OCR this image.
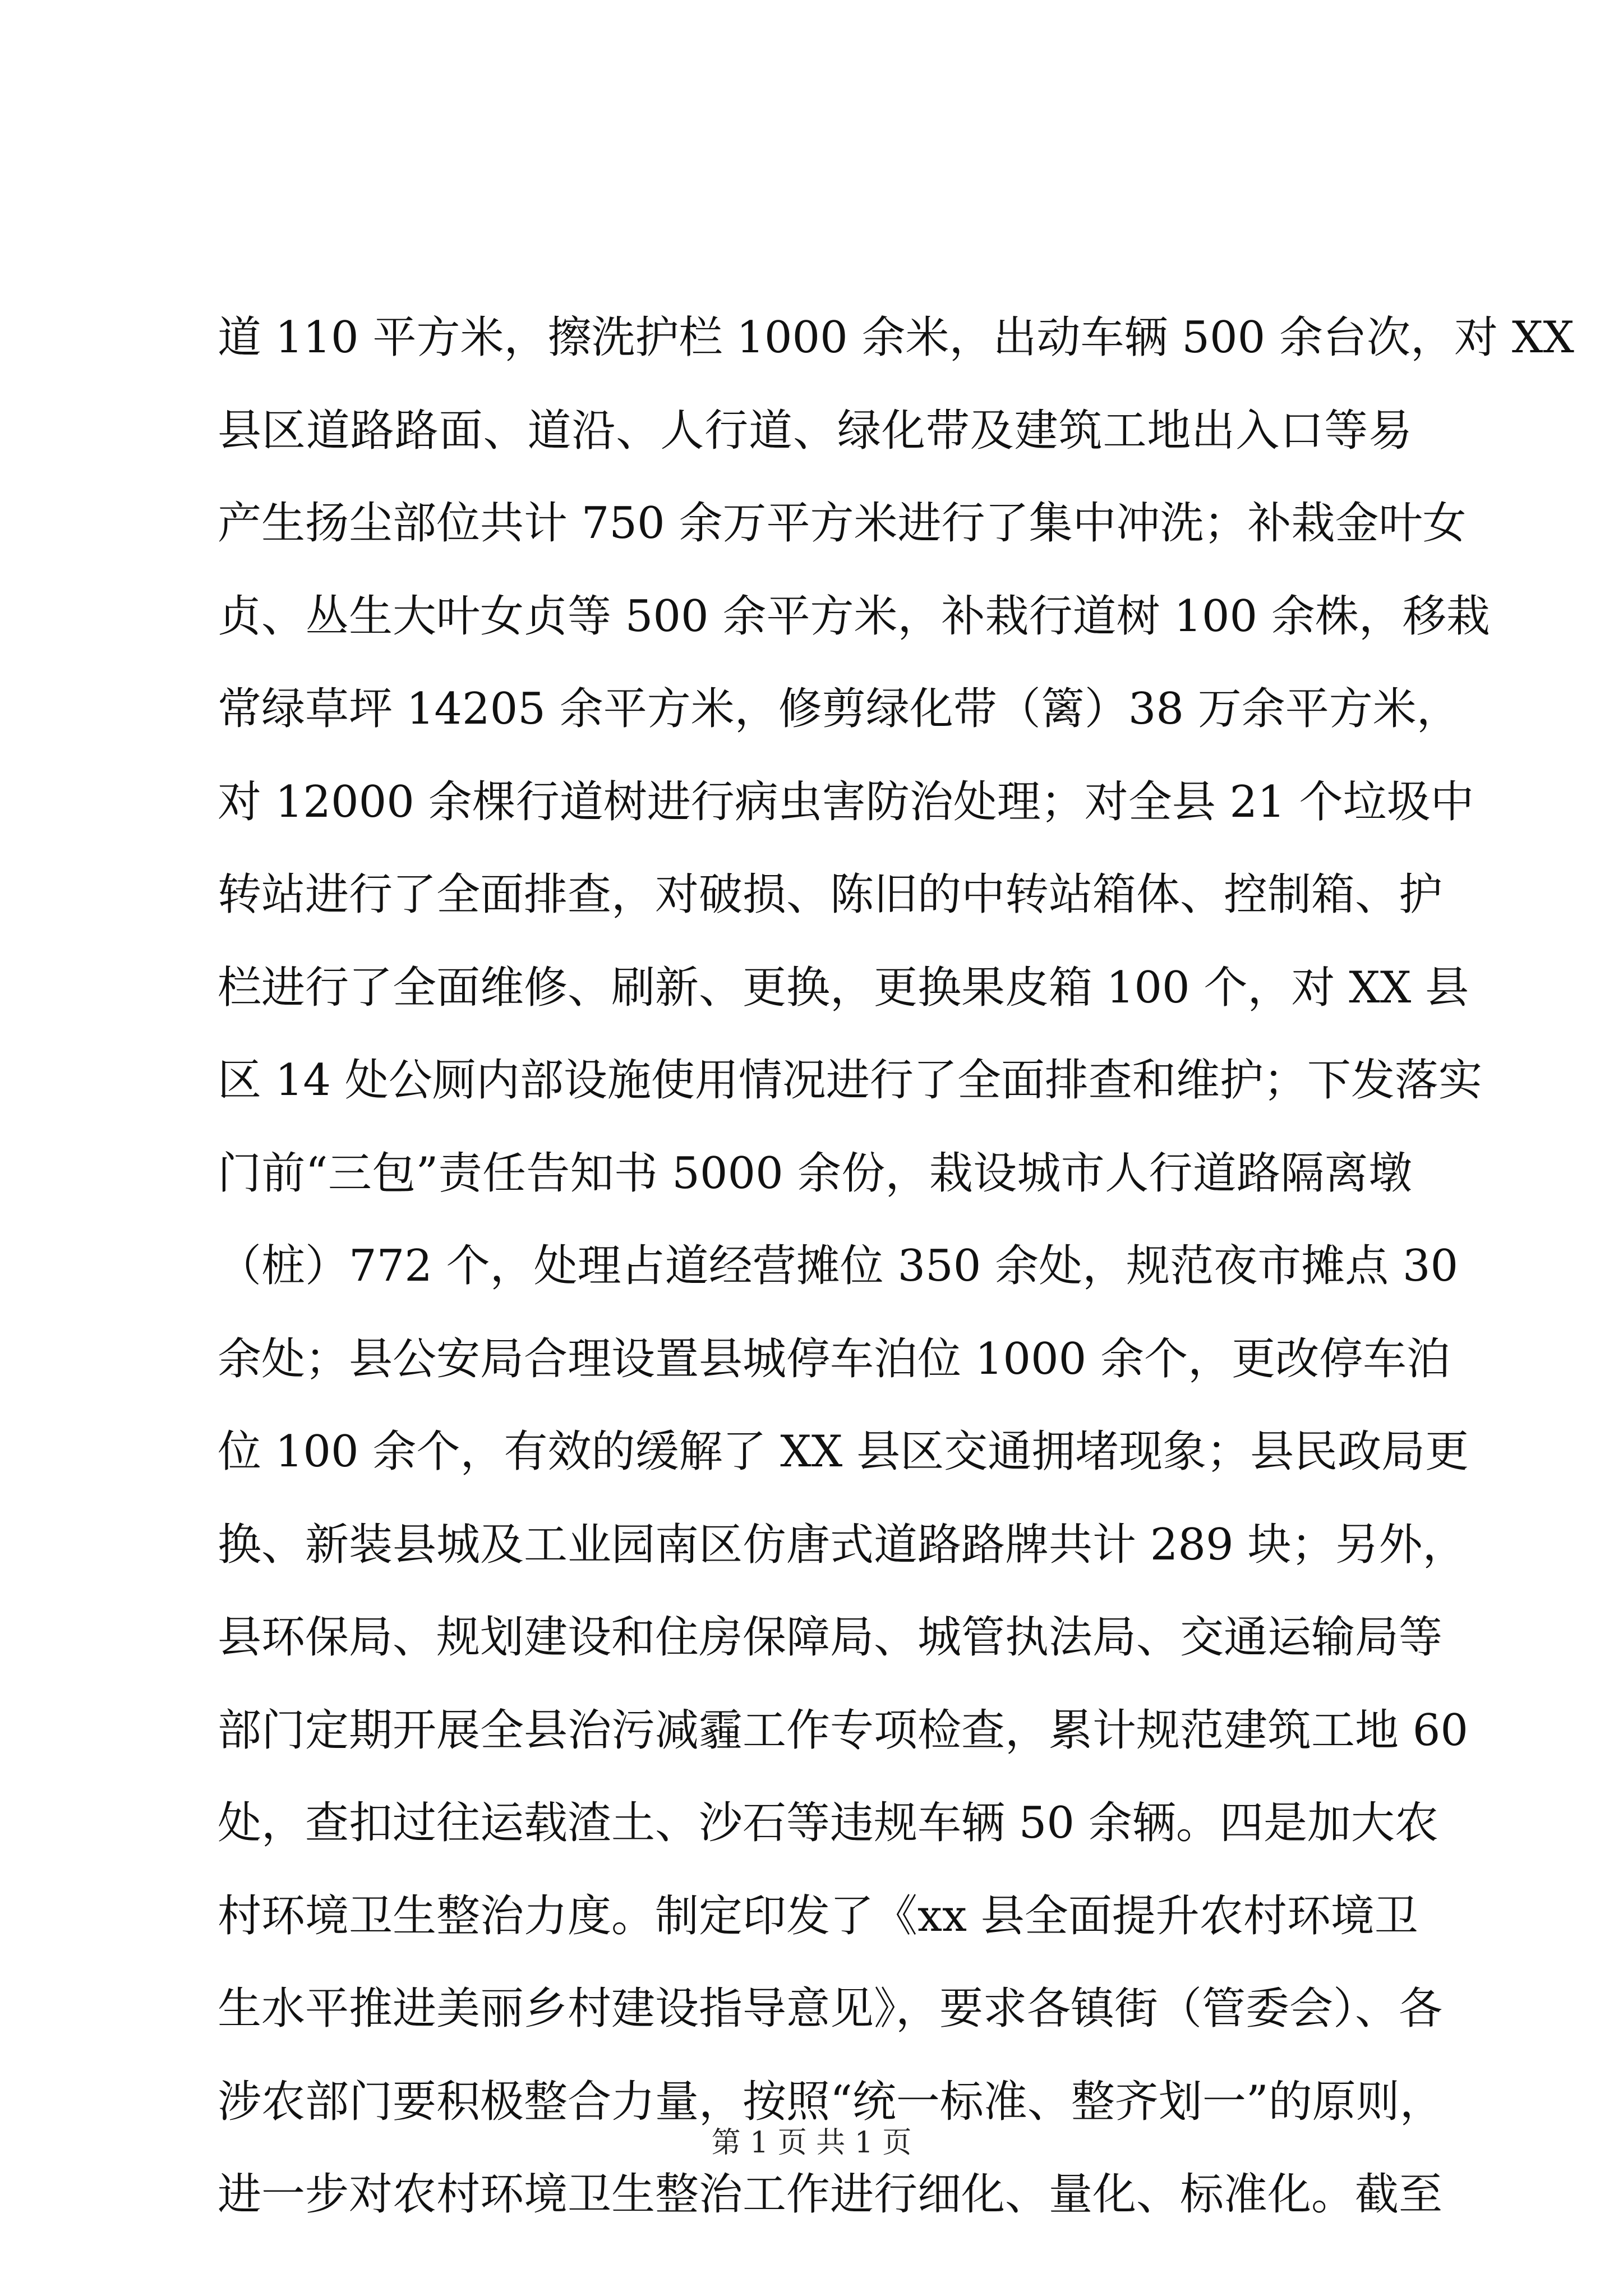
道 110 平方米，擦洗护栏 1000 余米，出动车辆 500 余台次，对 XX
县区道路路面、道沿、人行道、绿化带及建筑工地出入口等易
产生扬尘部位共计 750 余万平方米进行了集中冲洗；补栽金叶女
贞、丛生大叶女贞等 500 余平方米，补栽行道树 100 余株，移栽
常绿草坪 14205 余平方米，修剪绿化带（篱）38 万余平方米，
对 12000 余棵行道树进行病虫害防治处理；对全县 21 个垃圾中
转站进行了全面排查，对破损、陈旧的中转站箱体、控制箱、护
栏进行了全面维修、刷新、更换，更换果皮箱 100 个，对 XX 县
区 14 处公厕内部设施使用情况进行了全面排查和维护；下发落实
门前“三包”责任告知书 5000 余份，栽设城市人行道路隔离墩
（桩）772 个，处理占道经营摊位 350 余处，规范夜市摊点 30
余处；县公安局合理设置县城停车泊位 1000 余个，更改停车泊
位 100 余个，有效的缓解了 XX 县区交通拥堵现象；县民政局更
换、新装县城及工业园南区仿唐式道路路牌共计 289 块；另外，
县环保局、规划建设和住房保障局、城管执法局、交通运输局等
部门定期开展全县治污减霾工作专项检查，累计规范建筑工地 60
处，查扣过往运载渣土、沙石等违规车辆 50 余辆。四是加大农
村环境卫生整治力度。制定印发了《xx 县全面提升农村环境卫
生水平推进美丽乡村建设指导意见》，要求各镇街（管委会）、各
涉农部门要积极整合力量，按照“统一标准、整齐划一”的原则，
进一步对农村环境卫生整治工作进行细化、量化、标准化。截至
第 1 页 共 1 页
